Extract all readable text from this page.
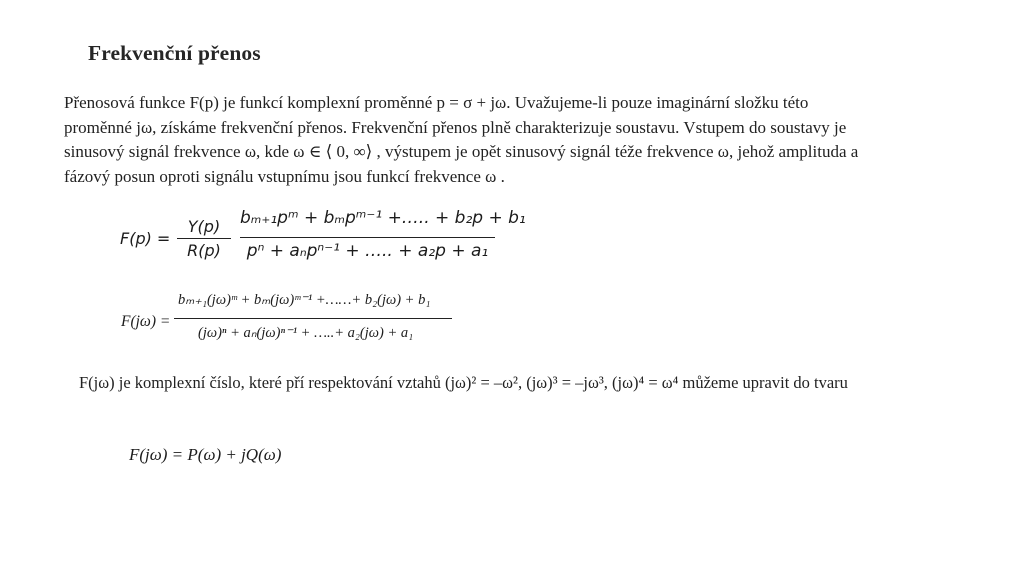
Frekvenční přenos
Přenosová funkce F(p) je funkcí komplexní proměnné p = σ + jω. Uvažujeme-li pouze imaginární složku této
proměnné jω, získáme frekvenční přenos. Frekvenční přenos plně charakterizuje soustavu. Vstupem do soustavy je
sinusový signál frekvence ω, kde ω ∈ ⟨ 0, ∞⟩ , výstupem je opět sinusový signál téže frekvence ω, jehož amplituda a
fázový posun oproti signálu vstupnímu jsou funkcí frekvence ω .
F(p) =
Y(p)
R(p)
bₘ₊₁pᵐ + bₘpᵐ⁻¹ +….. + b₂p + b₁
pⁿ + aₙpⁿ⁻¹ + ….. + a₂p + a₁
F(jω) =
bₘ₊₁(jω)ᵐ + bₘ(jω)ᵐ⁻¹ +……+ b₂(jω) + b₁
(jω)ⁿ + aₙ(jω)ⁿ⁻¹ + …..+ a₂(jω) + a₁
F(jω) je komplexní číslo, které pří respektování vztahů (jω)² = –ω², (jω)³ = –jω³, (jω)⁴ = ω⁴ můžeme upravit do tvaru
F(jω) = P(ω) + jQ(ω)
